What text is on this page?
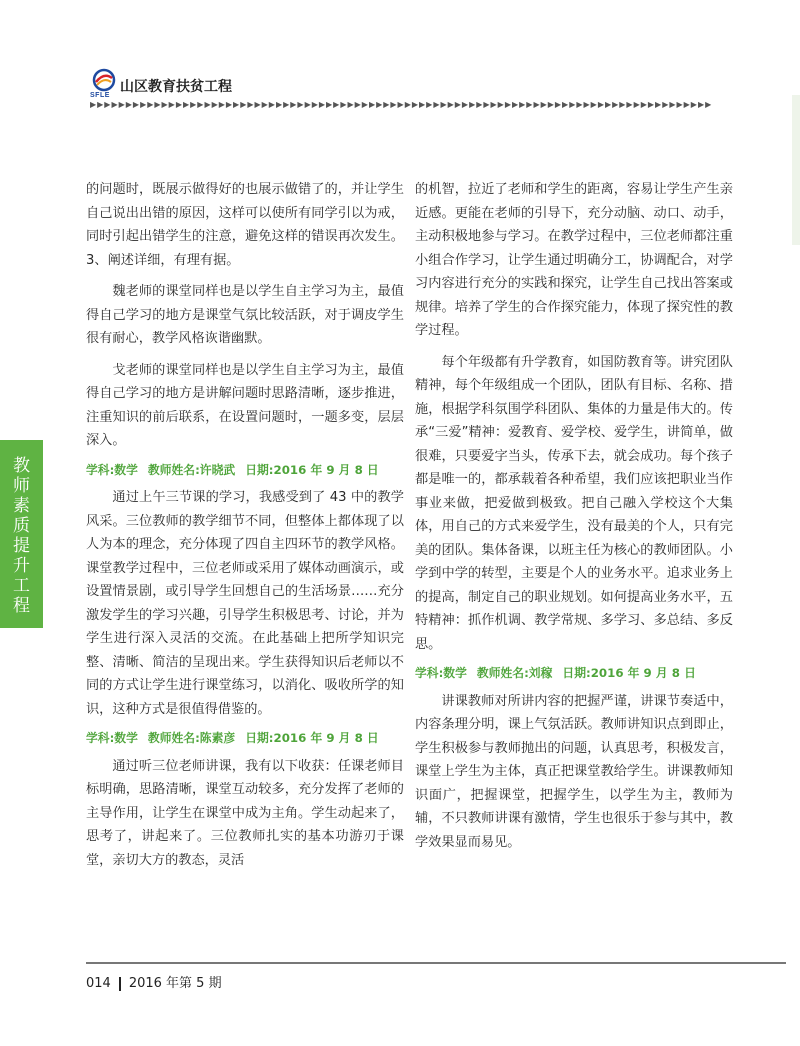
SFLE
山区教育扶贫工程
▶▶▶▶▶▶▶▶▶▶▶▶▶▶▶▶▶▶▶▶▶▶▶▶▶▶▶▶▶▶▶▶▶▶▶▶▶▶▶▶▶▶▶▶▶▶▶▶▶▶▶▶▶▶▶▶▶▶▶▶▶▶▶▶▶▶▶▶▶▶▶▶▶▶▶▶▶▶▶▶▶▶▶▶▶▶▶
教师素质提升工程

的问题时，既展示做得好的也展示做错了的，并让学生自己说出出错的原因，这样可以使所有同学引以为戒，同时引起出错学生的注意，避免这样的错误再次发生。3、阐述详细，有理有据。

魏老师的课堂同样也是以学生自主学习为主，最值得自己学习的地方是课堂气氛比较活跃，对于调皮学生很有耐心，教学风格诙谐幽默。

戈老师的课堂同样也是以学生自主学习为主，最值得自己学习的地方是讲解问题时思路清晰，逐步推进，注重知识的前后联系，在设置问题时，一题多变，层层深入。

学科:数学 教师姓名:许晓武 日期:2016 年 9 月 8 日

通过上午三节课的学习，我感受到了 43 中的教学风采。三位教师的教学细节不同，但整体上都体现了以人为本的理念，充分体现了四自主四环节的教学风格。课堂教学过程中，三位老师或采用了媒体动画演示，或设置情景剧，或引导学生回想自己的生活场景……充分激发学生的学习兴趣，引导学生积极思考、讨论，并为学生进行深入灵活的交流。在此基础上把所学知识完整、清晰、简洁的呈现出来。学生获得知识后老师以不同的方式让学生进行课堂练习，以消化、吸收所学的知识，这种方式是很值得借鉴的。

学科:数学 教师姓名:陈素彦 日期:2016 年 9 月 8 日

通过听三位老师讲课，我有以下收获：任课老师目标明确，思路清晰，课堂互动较多，充分发挥了老师的主导作用，让学生在课堂中成为主角。学生动起来了，思考了，讲起来了。三位教师扎实的基本功游刃于课堂，亲切大方的教态，灵活

的机智，拉近了老师和学生的距离，容易让学生产生亲近感。更能在老师的引导下，充分动脑、动口、动手，主动积极地参与学习。在教学过程中，三位老师都注重小组合作学习，让学生通过明确分工，协调配合，对学习内容进行充分的实践和探究，让学生自己找出答案或规律。培养了学生的合作探究能力，体现了探究性的教学过程。

每个年级都有升学教育，如国防教育等。讲究团队精神，每个年级组成一个团队，团队有目标、名称、措施，根据学科氛围学科团队、集体的力量是伟大的。传承“三爱”精神：爱教育、爱学校、爱学生，讲简单，做很难，只要爱字当头，传承下去，就会成功。每个孩子都是唯一的，都承载着各种希望，我们应该把职业当作事业来做，把爱做到极致。把自己融入学校这个大集体，用自己的方式来爱学生，没有最美的个人，只有完美的团队。集体备课，以班主任为核心的教师团队。小学到中学的转型，主要是个人的业务水平。追求业务上的提高，制定自己的职业规划。如何提高业务水平，五特精神：抓作机调、教学常规、多学习、多总结、多反思。

学科:数学 教师姓名:刘稼 日期:2016 年 9 月 8 日

讲课教师对所讲内容的把握严谨，讲课节奏适中，内容条理分明，课上气氛活跃。教师讲知识点到即止，学生积极参与教师抛出的问题，认真思考，积极发言，课堂上学生为主体，真正把课堂教给学生。讲课教师知识面广，把握课堂，把握学生，以学生为主，教师为辅，不只教师讲课有激情，学生也很乐于参与其中，教学效果显而易见。

014 2016 年第 5 期
